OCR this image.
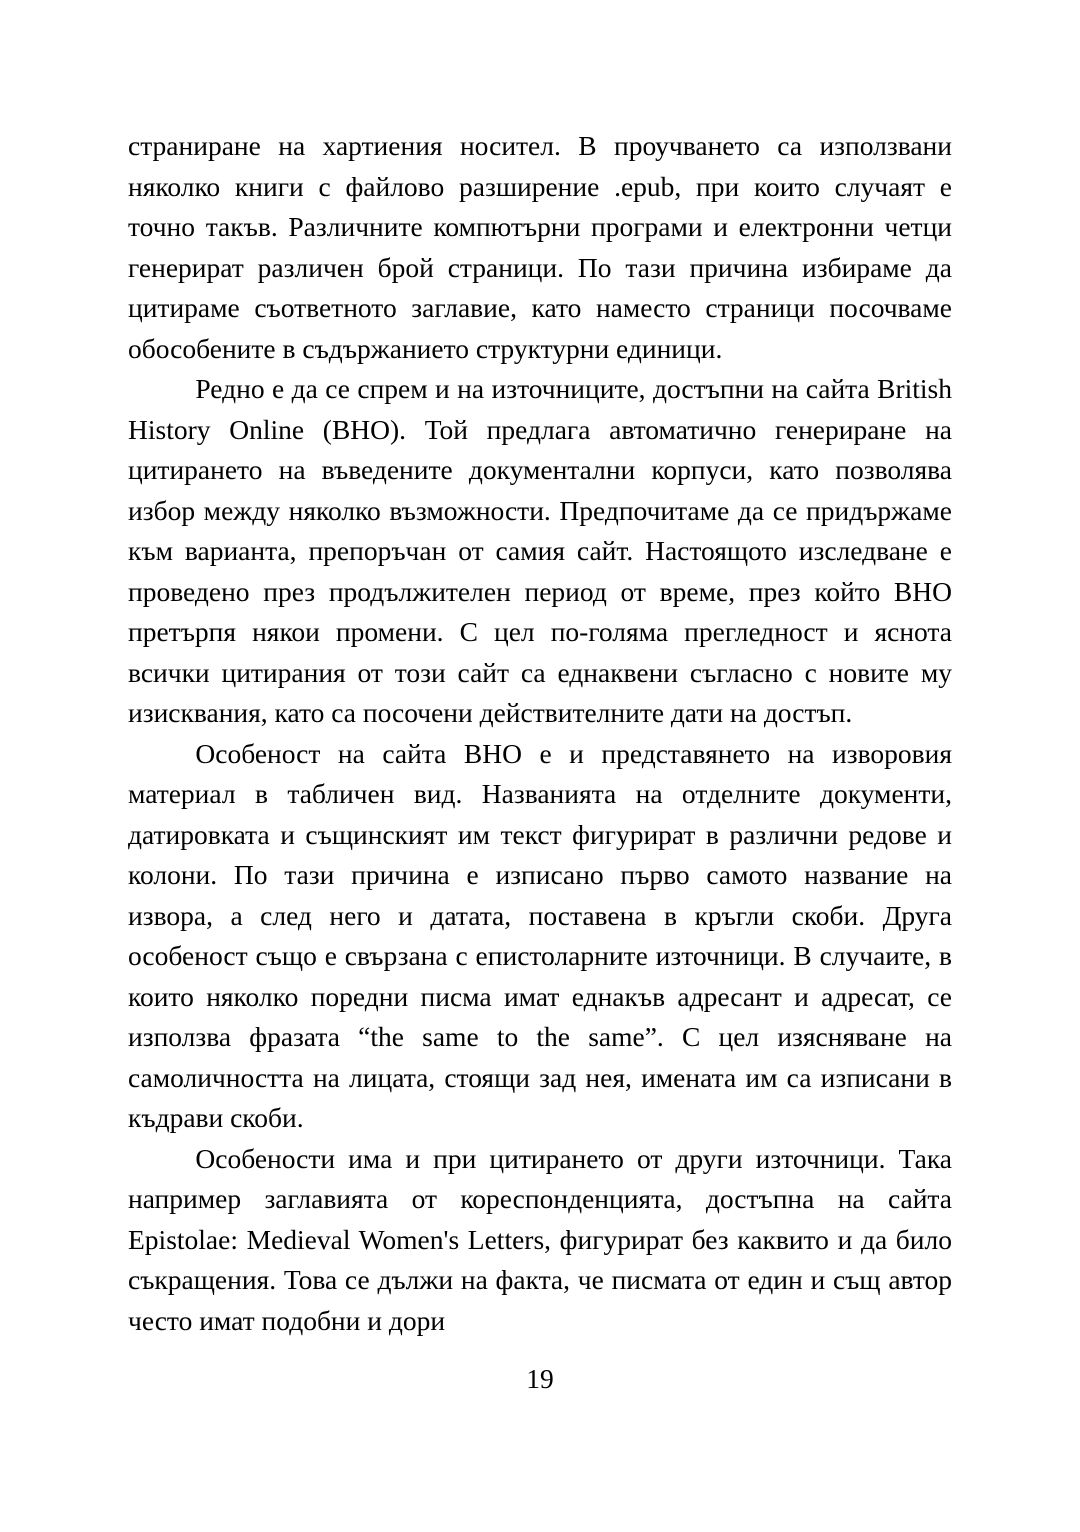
страниране на хартиения носител. В проучването са използвани няколко книги с файлово разширение .epub, при които случаят е точно такъв. Различните компютърни програми и електронни четци генерират различен брой страници. По тази причина избираме да цитираме съответното заглавие, като наместо страници посочваме обособените в съдържанието структурни единици.

Редно е да се спрем и на източниците, достъпни на сайта British History Online (BHO). Той предлага автоматично генериране на цитирането на въведените документални корпуси, като позволява избор между няколко възможности. Предпочитаме да се придържаме към варианта, препоръчан от самия сайт. Настоящото изследване е проведено през продължителен период от време, през който BHO претърпя някои промени. С цел по-голяма прегледност и яснота всички цитирания от този сайт са еднаквени съгласно с новите му изисквания, като са посочени действителните дати на достъп.

Особеност на сайта BHO е и представянето на изворовия материал в табличен вид. Названията на отделните документи, датировката и същинският им текст фигурират в различни редове и колони. По тази причина е изписано първо самото название на извора, а след него и датата, поставена в кръгли скоби. Друга особеност също е свързана с епистоларните източници. В случаите, в които няколко поредни писма имат еднакъв адресант и адресат, се използва фразата “the same to the same”. С цел изясняване на самоличността на лицата, стоящи зад нея, имената им са изписани в къдрави скоби.

Особености има и при цитирането от други източници. Така например заглавията от кореспонденцията, достъпна на сайта Epistolae: Medieval Women's Letters, фигурират без каквито и да било съкращения. Това се дължи на факта, че писмата от един и същ автор често имат подобни и дори

19
